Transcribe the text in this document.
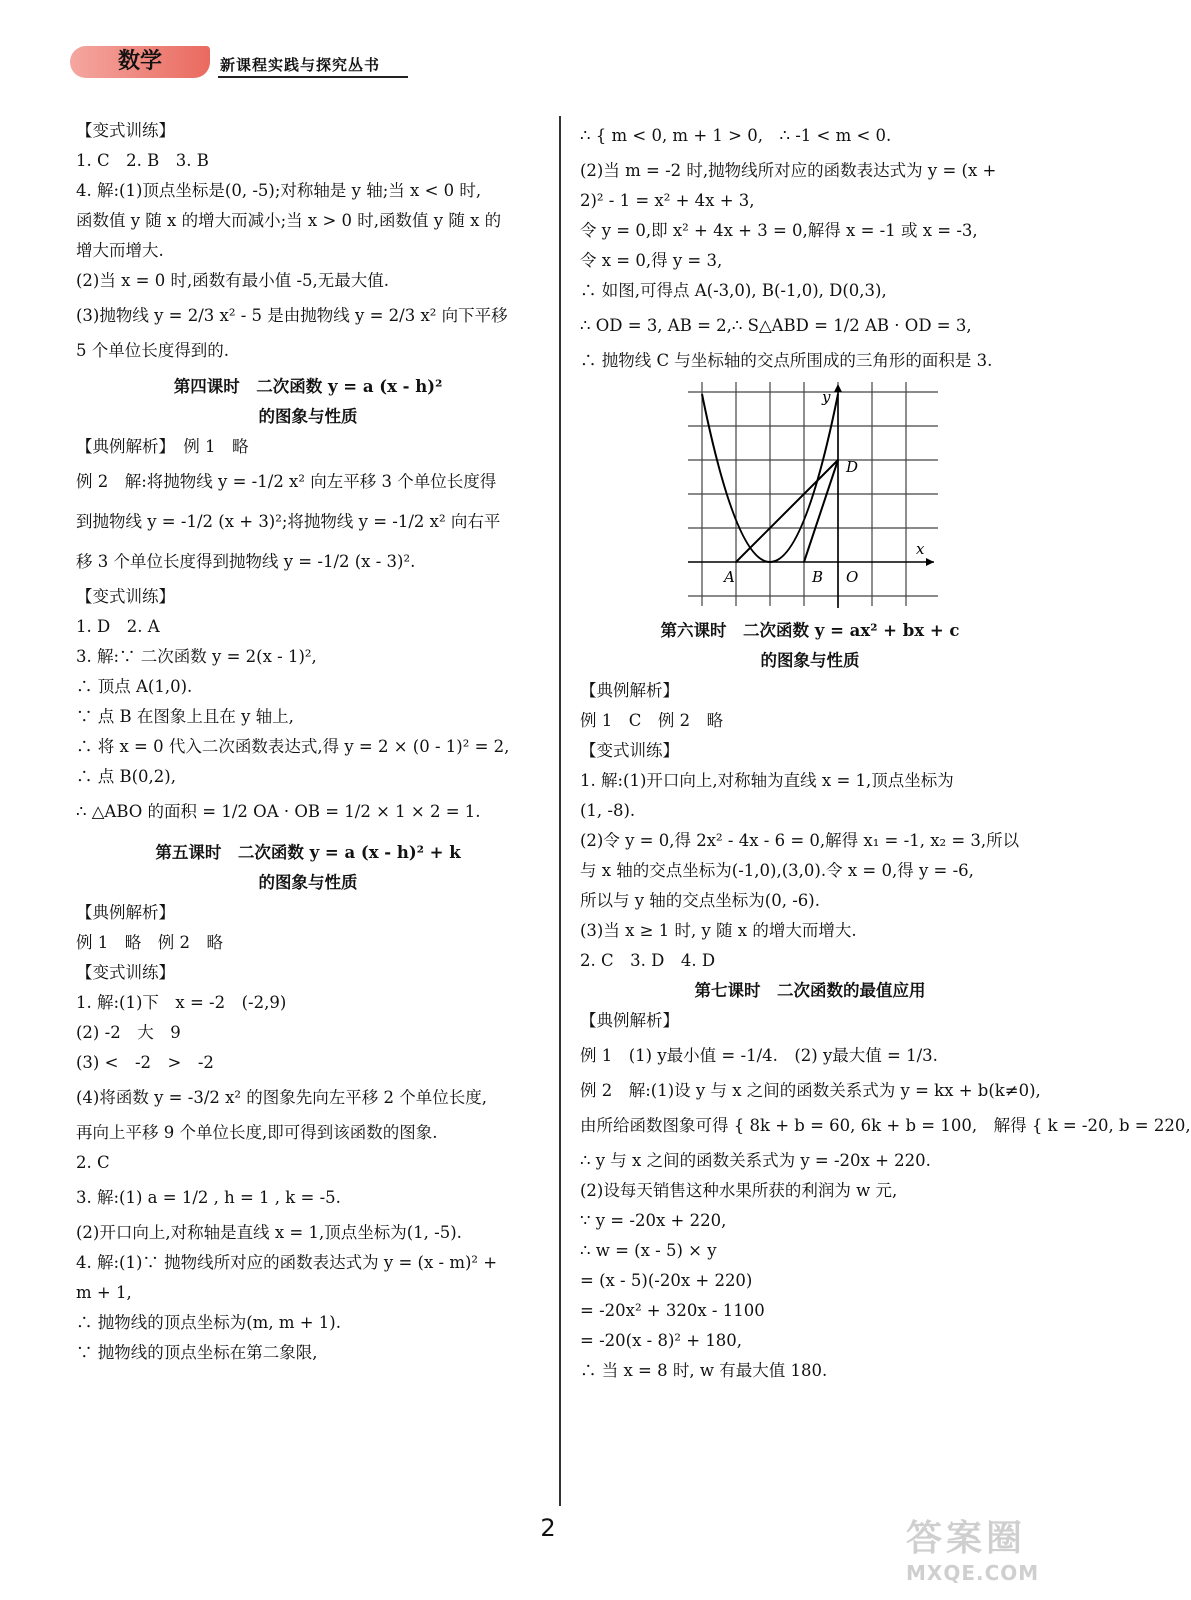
数学	新课程实践与探究丛书
【变式训练】
1. C　2. B　3. B
4. 解:(1)顶点坐标是(0, -5);对称轴是 y 轴;当 x < 0 时,
函数值 y 随 x 的增大而减小;当 x > 0 时,函数值 y 随 x 的
增大而增大.
(2)当 x = 0 时,函数有最小值 -5,无最大值.
(3)抛物线 y = 2/3 x² - 5 是由抛物线 y = 2/3 x² 向下平移
5 个单位长度得到的.
第四课时　二次函数 y = a (x - h)²
的图象与性质
【典例解析】　例 1　略
例 2　解:将抛物线 y = -1/2 x² 向左平移 3 个单位长度得
到抛物线 y = -1/2 (x + 3)²;将抛物线 y = -1/2 x² 向右平
移 3 个单位长度得到抛物线 y = -1/2 (x - 3)².
【变式训练】
1. D　2. A
3. 解:∵ 二次函数 y = 2(x - 1)²,
∴ 顶点 A(1,0).
∵ 点 B 在图象上且在 y 轴上,
∴ 将 x = 0 代入二次函数表达式,得 y = 2 × (0 - 1)² = 2,
∴ 点 B(0,2),
∴ △ABO 的面积 = 1/2 OA · OB = 1/2 × 1 × 2 = 1.
第五课时　二次函数 y = a (x - h)² + k
的图象与性质
【典例解析】
例 1　略　例 2　略
【变式训练】
1. 解:(1)下　x = -2　(-2,9)
(2) -2　大　9
(3) <　-2　>　-2
(4)将函数 y = -3/2 x² 的图象先向左平移 2 个单位长度,
再向上平移 9 个单位长度,即可得到该函数的图象.
2. C
3. 解:(1) a = 1/2 , h = 1 , k = -5.
(2)开口向上,对称轴是直线 x = 1,顶点坐标为(1, -5).
4. 解:(1)∵ 抛物线所对应的函数表达式为 y = (x - m)² +
m + 1,
∴ 抛物线的顶点坐标为(m, m + 1).
∵ 抛物线的顶点坐标在第二象限,
∴ { m < 0, m + 1 > 0,　∴ -1 < m < 0.
(2)当 m = -2 时,抛物线所对应的函数表达式为 y = (x +
2)² - 1 = x² + 4x + 3,
令 y = 0,即 x² + 4x + 3 = 0,解得 x = -1 或 x = -3,
令 x = 0,得 y = 3,
∴ 如图,可得点 A(-3,0), B(-1,0), D(0,3),
∴ OD = 3, AB = 2,∴ S△ABD = 1/2 AB · OD = 3,
∴ 抛物线 C 与坐标轴的交点所围成的三角形的面积是 3.
x
y
A	B O
D
第六课时　二次函数 y = ax² + bx + c
的图象与性质
【典例解析】
例 1　C　例 2　略
【变式训练】
1. 解:(1)开口向上,对称轴为直线 x = 1,顶点坐标为
(1, -8).
(2)令 y = 0,得 2x² - 4x - 6 = 0,解得 x₁ = -1, x₂ = 3,所以
与 x 轴的交点坐标为(-1,0),(3,0).令 x = 0,得 y = -6,
所以与 y 轴的交点坐标为(0, -6).
(3)当 x ≥ 1 时, y 随 x 的增大而增大.
2. C　3. D　4. D
第七课时　二次函数的最值应用
【典例解析】
例 1　(1) y最小值 = -1/4.　(2) y最大值 = 1/3.
例 2　解:(1)设 y 与 x 之间的函数关系式为 y = kx + b(k≠0),
由所给函数图象可得 { 8k + b = 60, 6k + b = 100,　解得 { k = -20, b = 220,
∴ y 与 x 之间的函数关系式为 y = -20x + 220.
(2)设每天销售这种水果所获的利润为 w 元,
∵ y = -20x + 220,
∴ w = (x - 5) × y
= (x - 5)(-20x + 220)
= -20x² + 320x - 1100
= -20(x - 8)² + 180,
∴ 当 x = 8 时, w 有最大值 180.
2	答案圈
MXQE.COM
